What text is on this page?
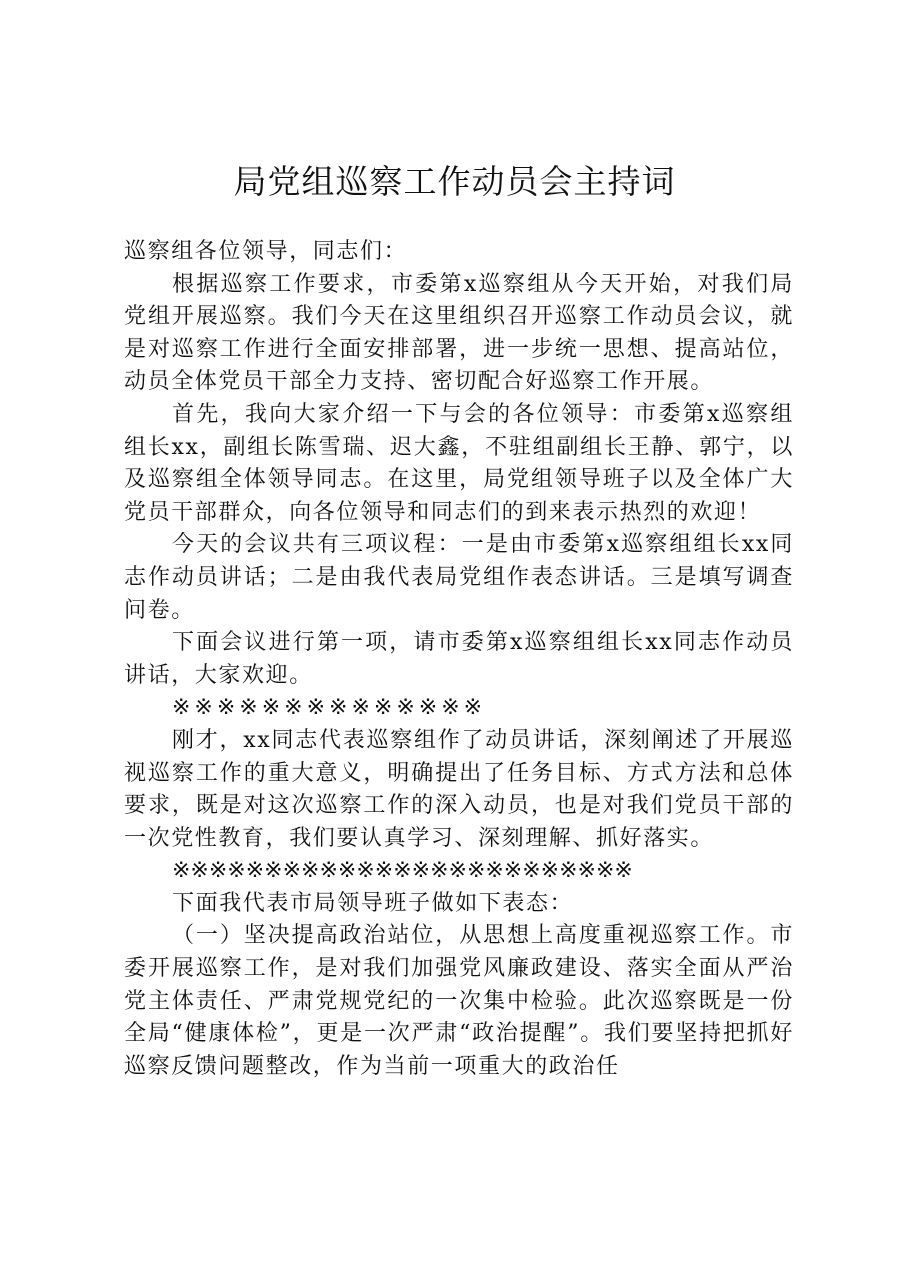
局党组巡察工作动员会主持词

巡察组各位领导，同志们：

根据巡察工作要求，市委第x巡察组从今天开始，对我们局党组开展巡察。我们今天在这里组织召开巡察工作动员会议，就是对巡察工作进行全面安排部署，进一步统一思想、提高站位，动员全体党员干部全力支持、密切配合好巡察工作开展。

首先，我向大家介绍一下与会的各位领导：市委第x巡察组组长xx，副组长陈雪瑞、迟大鑫，不驻组副组长王静、郭宁，以及巡察组全体领导同志。在这里，局党组领导班子以及全体广大党员干部群众，向各位领导和同志们的到来表示热烈的欢迎！

今天的会议共有三项议程：一是由市委第x巡察组组长xx同志作动员讲话；二是由我代表局党组作表态讲话。三是填写调查问卷。

下面会议进行第一项，请市委第x巡察组组长xx同志作动员讲话，大家欢迎。

※※※※※※※※※※※※※※

刚才，xx同志代表巡察组作了动员讲话，深刻阐述了开展巡视巡察工作的重大意义，明确提出了任务目标、方式方法和总体要求，既是对这次巡察工作的深入动员，也是对我们党员干部的一次党性教育，我们要认真学习、深刻理解、抓好落实。

※※※※※※※※※※※※※※※※※※※※※※※※※

下面我代表市局领导班子做如下表态：

（一）坚决提高政治站位，从思想上高度重视巡察工作。市委开展巡察工作，是对我们加强党风廉政建设、落实全面从严治党主体责任、严肃党规党纪的一次集中检验。此次巡察既是一份全局“健康体检”，更是一次严肃“政治提醒”。我们要坚持把抓好巡察反馈问题整改，作为当前一项重大的政治任
